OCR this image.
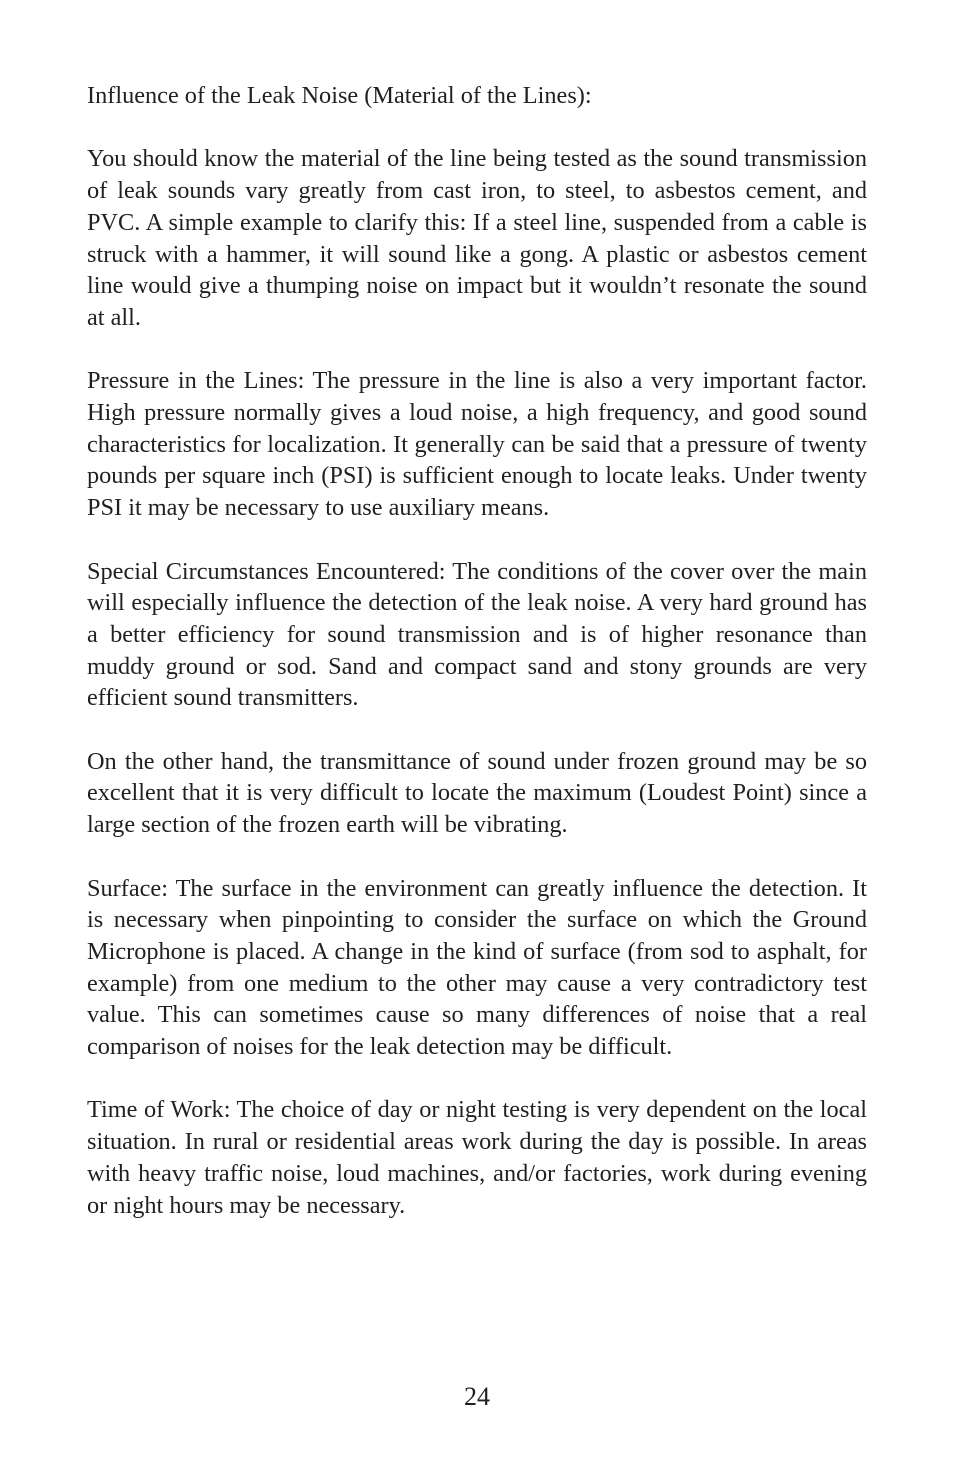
Influence of the Leak Noise (Material of the Lines):

You should know the material of the line being tested as the sound transmission of leak sounds vary greatly from cast iron, to steel, to asbestos cement, and PVC. A simple example to clarify this: If a steel line, suspended from a cable is struck with a hammer, it will sound like a gong. A plastic or asbestos cement line would give a thumping noise on impact but it wouldn’t resonate the sound at all.

Pressure in the Lines: The pressure in the line is also a very important factor. High pressure normally gives a loud noise, a high frequency, and good sound characteristics for localization. It generally can be said that a pressure of twenty pounds per square inch (PSI) is sufficient enough to locate leaks. Under twenty PSI it may be necessary to use auxiliary means.

Special Circumstances Encountered: The conditions of the cover over the main will especially influence the detection of the leak noise. A very hard ground has a better efficiency for sound transmission and is of higher resonance than muddy ground or sod. Sand and compact sand and stony grounds are very efficient sound transmitters.

On the other hand, the transmittance of sound under frozen ground may be so excellent that it is very difficult to locate the maximum (Loudest Point) since a large section of the frozen earth will be vibrating.

Surface: The surface in the environment can greatly influence the detection. It is necessary when pinpointing to consider the surface on which the Ground Microphone is placed. A change in the kind of surface (from sod to asphalt, for example) from one medium to the other may cause a very contradictory test value. This can sometimes cause so many differences of noise that a real comparison of noises for the leak detection may be difficult.

Time of Work: The choice of day or night testing is very dependent on the local situation. In rural or residential areas work during the day is possible. In areas with heavy traffic noise, loud machines, and/or factories, work during evening or night hours may be necessary.

24
